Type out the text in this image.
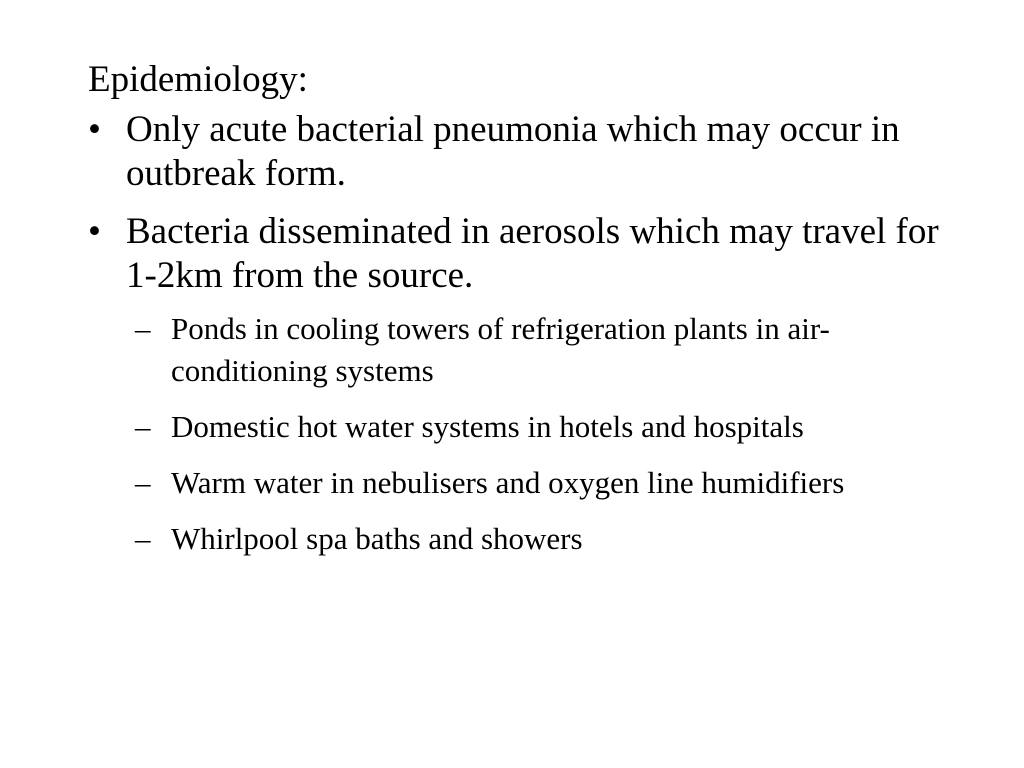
Epidemiology:
• Only acute bacterial pneumonia which may occur in outbreak form.
• Bacteria disseminated in aerosols which may travel for 1-2km from the source.
– Ponds in cooling towers of refrigeration plants in air-conditioning systems
– Domestic hot water systems in hotels and hospitals
– Warm water in nebulisers and oxygen line humidifiers
– Whirlpool spa baths and showers
